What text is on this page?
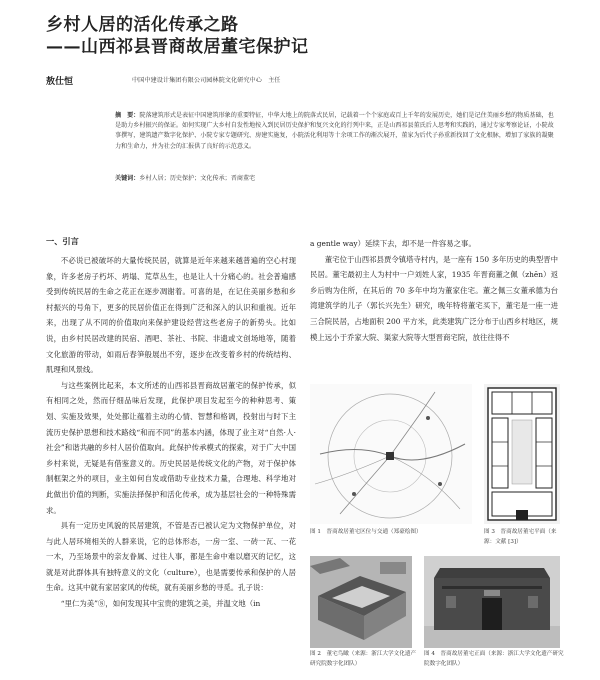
乡村人居的活化传承之路
——山西祁县晋商故居董宅保护记
敖仕恒	中国中建设计集团有限公司园林院文化研究中心　主任
摘　要：院落建筑形式是表征中国建筑形象的重要特征，中华大地上的院落式民居，记载着一个个家庭或百上千年的发展历史，她们是记住美丽乡愁的物质基础，也是助力乡村振兴的保证。如何实现广大乡村自发性地按入到民居历史保护和复兴文化的行列中来，正是山西祁县董氏后人思考和实践的，通过专家考察论证，小院故事撰写，建筑遗产数字化保护、小院专家专题研究、房建实施复，小院活化利用等十余项工作的渐次展开，董家为后代子孙重新找回了文化根脉，增加了家族的凝聚力和生命力，并为社会的汇报供了良好的示范意义。
关键词：乡村人居；历史保护；文化传承；晋商董宅
一、引言

不必说已被破坏的大量传统民居，就算是近年来越来越普遍的空心村现象，许多老房子朽坏、坍塌、荒草丛生，也是让人十分痛心的。社会普遍感受到传统民居的生命之花正在逐步凋谢着。可喜的是，在记住美丽乡愁和乡村振兴的号角下，更多的民居价值正在得到广泛和深入的认识和重视。近年来，出现了从不同的价值取向来保护建设经营这些老房子的新势头。比如说，由乡村民居改建的民宿、酒吧、茶社、书院、非遗或文创场地等，随着文化旅游的带动，如雨后春笋般展出不穷，逐步在改变着乡村的传统结构、肌理和风景线。

与这些案例比起来，本文所述的山西祁县晋商故居董宅的保护传承，似有相同之处，然而仔细品味后发现，此保护项目发起至今的种种思考、策划、实施及效果，处处都让蕴着主动的心情、智慧和格调，投射出与时下主流历史保护思想和技术路线“和而不同”的基本内涵，体现了业主对“自然·人·社会”和谐共融的乡村人居价值取向。此保护传承模式的探索，对于广大中国乡村来说，无疑是有借鉴意义的。历史民居是传统文化的产物，对于保护体制框架之外的项目，业主如何自发或借助专业技术力量，合理地、科学地对此做出价值的判断，实施法择保护和活化传承，成为基层社会的一种特殊需求。

具有一定历史风貌的民居建筑，不管是否已被认定为文物保护单位，对与此人居环境相关的人群来说，它的总体形态，一房一室、一砖一瓦、一花一木，乃至场景中的亲友眷属、过往人事，都是生命中难以磨灭的记忆，这就是对此群体具有独特意义的文化（culture），也是需要传承和保护的人居生命。这其中就有家居家风的传统，就有美丽乡愁的寻觅。孔子说：

“里仁为美”⑧，如何发现其中宝贵的建筑之美，并温文地（in

a gentle way）延续下去，却不是一件容易之事。

董宅位于山西祁县贾令镇塔寺村内，是一座有 150 多年历史的典型晋中民居。董宅最初主人为村中一户刘姓人家，1935 年晋商董之佩（zhēn）返乡后购为住所，在其后的 70 多年中均为董家住宅。董之佩三女董承德为台湾建筑学的儿子（郭长兴先生）研究，晚年特将董宅买下，董宅是一座一进三合院民居，占地面积 200 平方米，此类建筑广泛分布于山西乡村地区，规模上远小于乔家大院、渠家大院等大型晋商宅院，放往往得不

图 1　晋商故居董宅区位与交通（郑豪绘图）	图 3　晋商故居董宅平面（来源：文献 [3]）
图 2　董宅鸟瞰（来源：浙江大学文化遗产研究院数字化团队）
图 4　晋商故居董宅正面（来源：浙江大学文化遗产研究院数字化团队）
